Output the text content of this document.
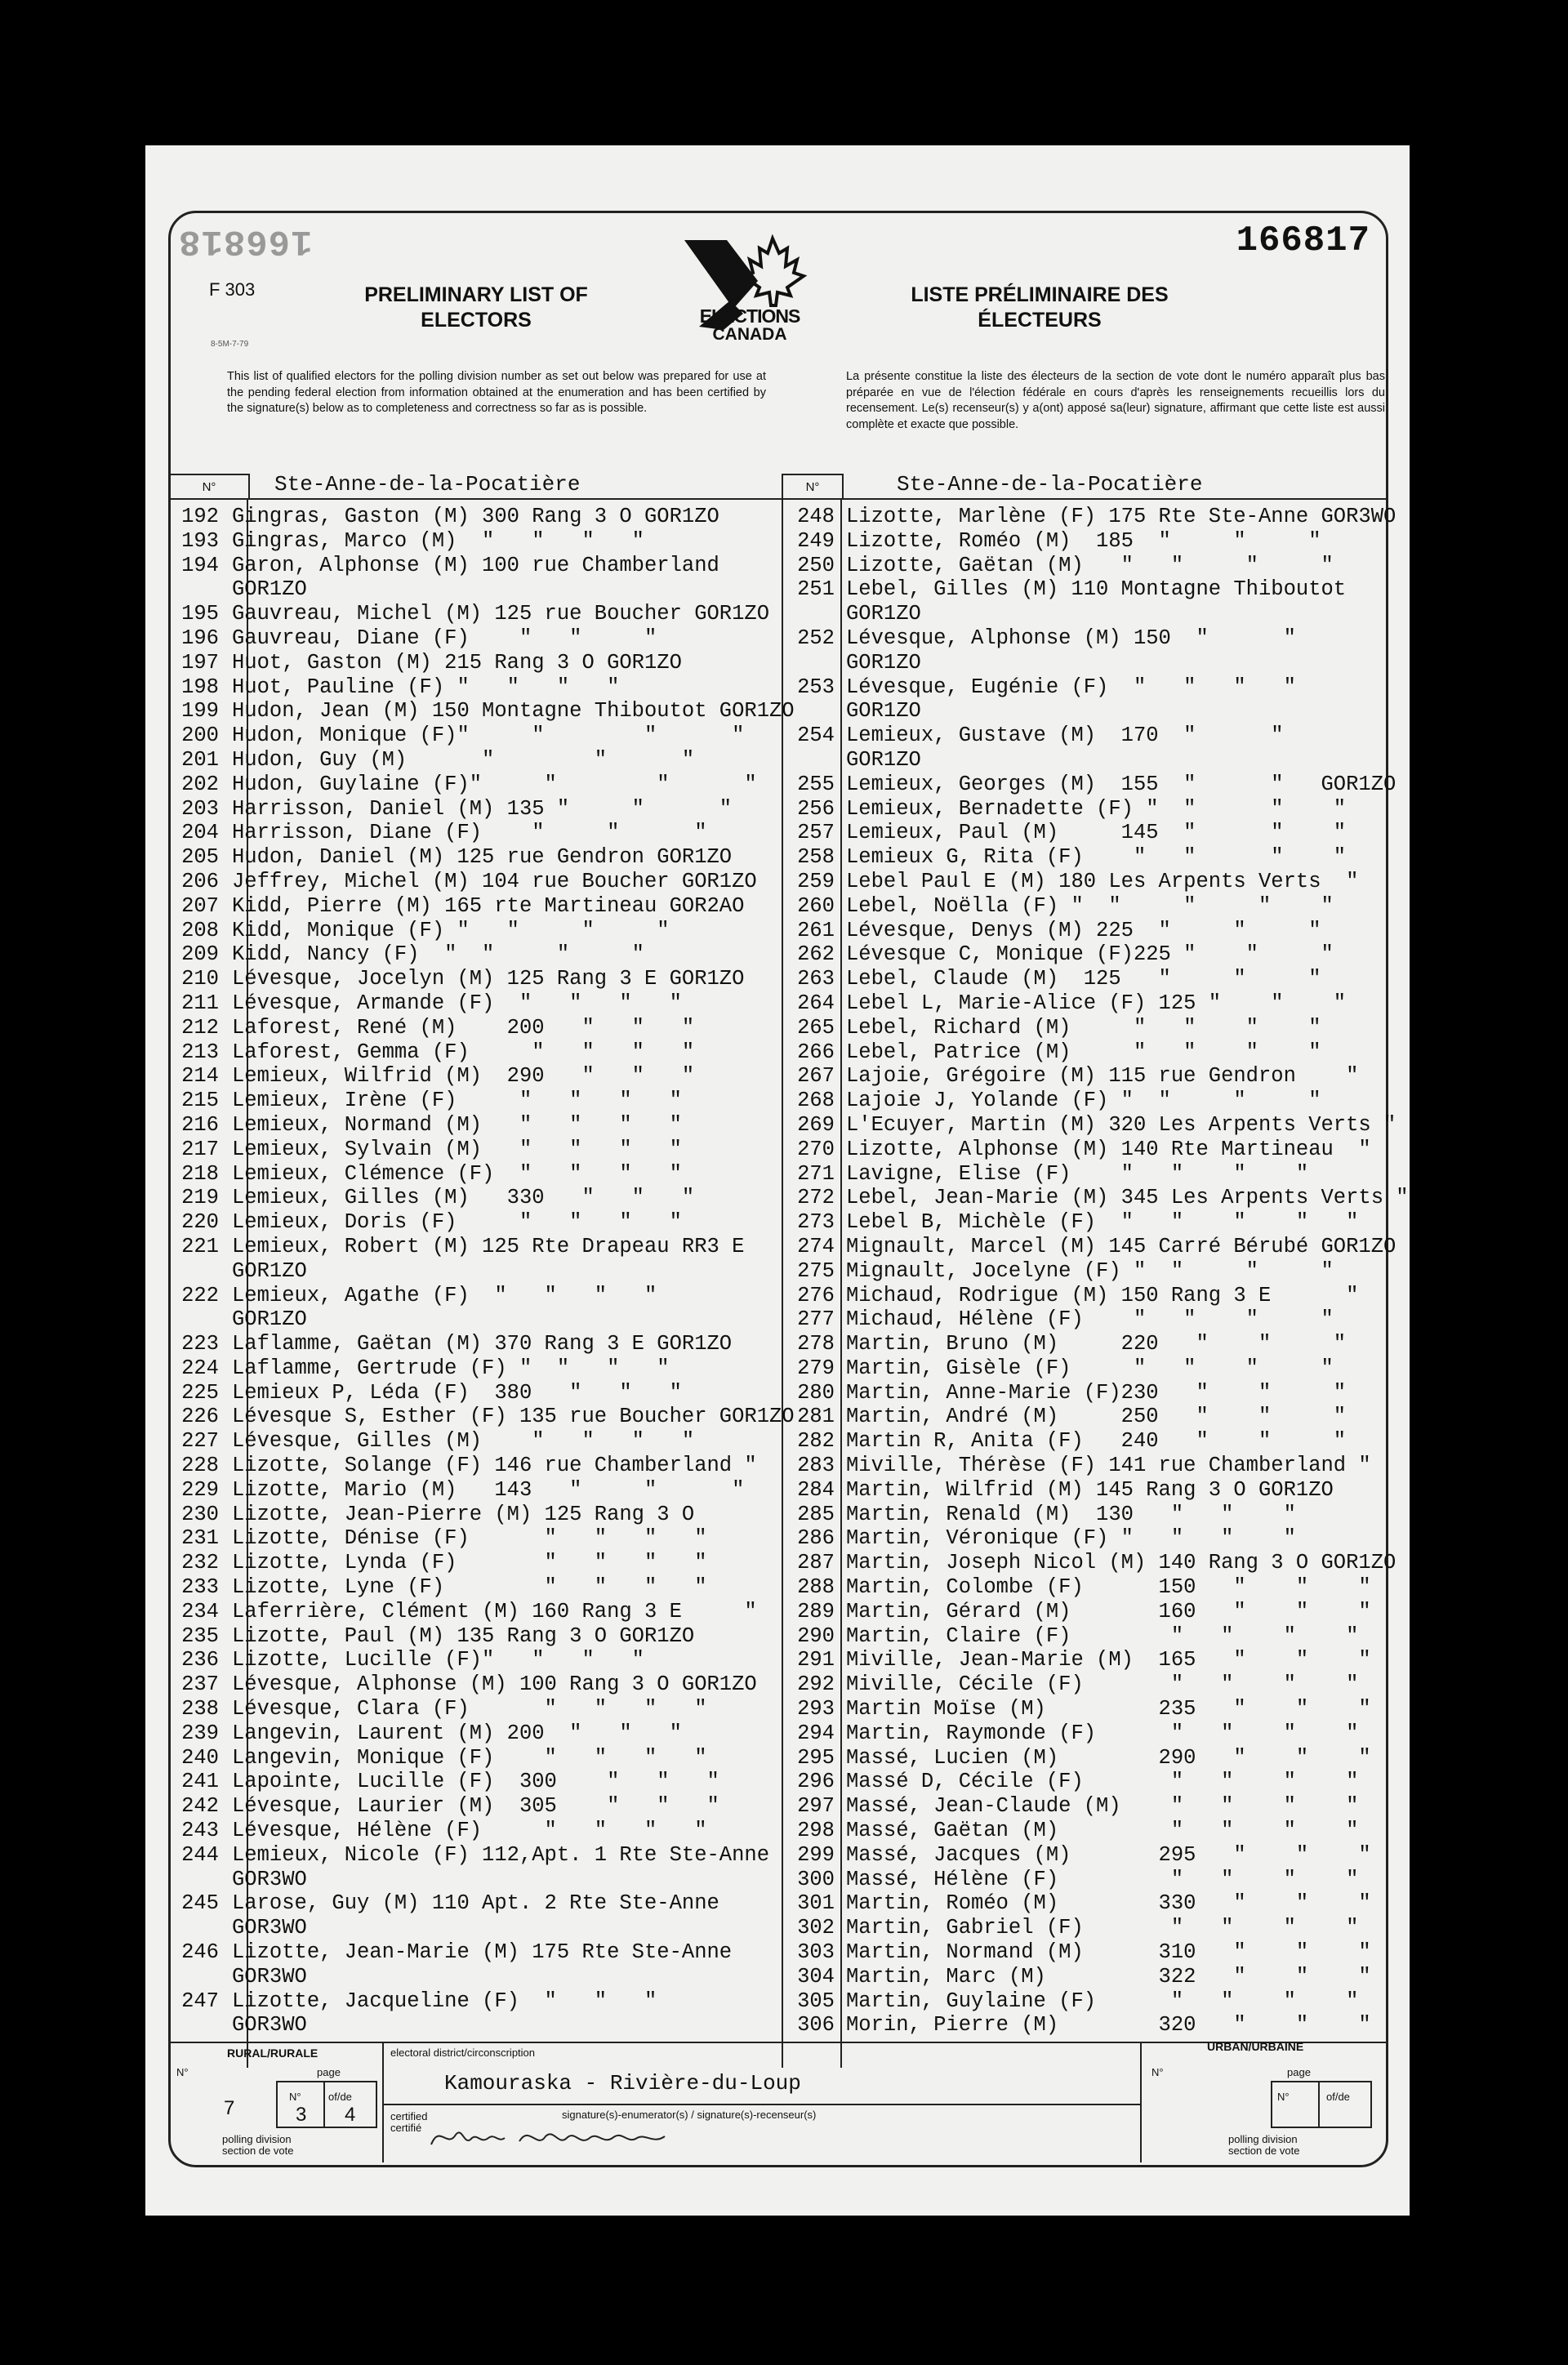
166818	166817
F 303
8-5M-7-79
PRELIMINARY LIST OF
ELECTORS
LISTE PRÉLIMINAIRE DES
ÉLECTEURS
ELECTIONS
CANADA
This list of qualified electors for the polling division number as set out below was prepared for use at the pending federal election from information obtained at the enumeration and has been certified by the signature(s) below as to completeness and correctness so far as is possible.
La présente constitue la liste des électeurs de la section de vote dont le numéro apparaît plus bas préparée en vue de l'élection fédérale en cours d'après les renseignements recueillis lors du recensement. Le(s) recenseur(s) y a(ont) apposé sa(leur) signature, affirmant que cette liste est aussi complète et exacte que possible.
N°	N°
Ste-Anne-de-la-Pocatière	Ste-Anne-de-la-Pocatière
192 Gingras, Gaston (M) 300 Rang 3 O GOR1ZO
193 Gingras, Marco (M)  "   "   "   "
194 Garon, Alphonse (M) 100 rue Chamberland
GOR1ZO
195 Gauvreau, Michel (M) 125 rue Boucher GOR1ZO
196 Gauvreau, Diane (F)    "   "     "
197 Huot, Gaston (M) 215 Rang 3 O GOR1ZO
198 Huot, Pauline (F) "   "   "   "
199 Hudon, Jean (M) 150 Montagne Thiboutot GOR1ZO
200 Hudon, Monique (F)"     "        "      "
201 Hudon, Guy (M)      "        "      "
202 Hudon, Guylaine (F)"     "        "      "
203 Harrisson, Daniel (M) 135 "     "      "
204 Harrisson, Diane (F)    "     "      "
205 Hudon, Daniel (M) 125 rue Gendron GOR1ZO
206 Jeffrey, Michel (M) 104 rue Boucher GOR1ZO
207 Kidd, Pierre (M) 165 rte Martineau GOR2AO
208 Kidd, Monique (F) "   "     "     "
209 Kidd, Nancy (F)  "  "     "     "
210 Lévesque, Jocelyn (M) 125 Rang 3 E GOR1ZO
211 Lévesque, Armande (F)  "   "   "   "
212 Laforest, René (M)    200   "   "   "
213 Laforest, Gemma (F)     "   "   "   "
214 Lemieux, Wilfrid (M)  290   "   "   "
215 Lemieux, Irène (F)     "   "   "   "
216 Lemieux, Normand (M)   "   "   "   "
217 Lemieux, Sylvain (M)   "   "   "   "
218 Lemieux, Clémence (F)  "   "   "   "
219 Lemieux, Gilles (M)   330   "   "   "
220 Lemieux, Doris (F)     "   "   "   "
221 Lemieux, Robert (M) 125 Rte Drapeau RR3 E
GOR1ZO
222 Lemieux, Agathe (F)  "   "   "   "
GOR1ZO
223 Laflamme, Gaëtan (M) 370 Rang 3 E GOR1ZO
224 Laflamme, Gertrude (F) "  "   "   "
225 Lemieux P, Léda (F)  380   "   "   "
226 Lévesque S, Esther (F) 135 rue Boucher GOR1ZO
227 Lévesque, Gilles (M)    "   "   "   "
228 Lizotte, Solange (F) 146 rue Chamberland "
229 Lizotte, Mario (M)   143   "     "      "
230 Lizotte, Jean-Pierre (M) 125 Rang 3 O
231 Lizotte, Dénise (F)      "   "   "   "
232 Lizotte, Lynda (F)       "   "   "   "
233 Lizotte, Lyne (F)        "   "   "   "
234 Laferrière, Clément (M) 160 Rang 3 E     "
235 Lizotte, Paul (M) 135 Rang 3 O GOR1ZO
236 Lizotte, Lucille (F)"   "   "   "
237 Lévesque, Alphonse (M) 100 Rang 3 O GOR1ZO
238 Lévesque, Clara (F)      "   "   "   "
239 Langevin, Laurent (M) 200  "   "   "
240 Langevin, Monique (F)    "   "   "   "
241 Lapointe, Lucille (F)  300    "   "   "
242 Lévesque, Laurier (M)  305    "   "   "
243 Lévesque, Hélène (F)     "   "   "   "
244 Lemieux, Nicole (F) 112,Apt. 1 Rte Ste-Anne
GOR3WO
245 Larose, Guy (M) 110 Apt. 2 Rte Ste-Anne
GOR3WO
246 Lizotte, Jean-Marie (M) 175 Rte Ste-Anne
GOR3WO
247 Lizotte, Jacqueline (F)  "   "   "
GOR3WO
248 Lizotte, Marlène (F) 175 Rte Ste-Anne GOR3WO
249 Lizotte, Roméo (M)  185  "     "     "
250 Lizotte, Gaëtan (M)   "   "     "     "
251 Lebel, Gilles (M) 110 Montagne Thiboutot
GOR1ZO
252 Lévesque, Alphonse (M) 150  "      "
GOR1ZO
253 Lévesque, Eugénie (F)  "   "   "   "
GOR1ZO
254 Lemieux, Gustave (M)  170  "      "
GOR1ZO
255 Lemieux, Georges (M)  155  "      "   GOR1ZO
256 Lemieux, Bernadette (F) "  "      "    "
257 Lemieux, Paul (M)     145  "      "    "
258 Lemieux G, Rita (F)    "   "      "    "
259 Lebel Paul E (M) 180 Les Arpents Verts  "
260 Lebel, Noëlla (F) "  "     "     "    "
261 Lévesque, Denys (M) 225  "     "     "
262 Lévesque C, Monique (F)225 "    "     "
263 Lebel, Claude (M)  125   "     "     "
264 Lebel L, Marie-Alice (F) 125 "    "    "
265 Lebel, Richard (M)     "   "    "    "
266 Lebel, Patrice (M)     "   "    "    "
267 Lajoie, Grégoire (M) 115 rue Gendron    "
268 Lajoie J, Yolande (F) "  "     "     "
269 L'Ecuyer, Martin (M) 320 Les Arpents Verts "
270 Lizotte, Alphonse (M) 140 Rte Martineau  "
271 Lavigne, Elise (F)    "   "    "    "
272 Lebel, Jean-Marie (M) 345 Les Arpents Verts "
273 Lebel B, Michèle (F)  "   "    "    "   "
274 Mignault, Marcel (M) 145 Carré Bérubé GOR1ZO
275 Mignault, Jocelyne (F) "  "     "     "
276 Michaud, Rodrigue (M) 150 Rang 3 E      "
277 Michaud, Hélène (F)    "   "    "     "
278 Martin, Bruno (M)     220   "    "     "
279 Martin, Gisèle (F)     "   "    "     "
280 Martin, Anne-Marie (F)230   "    "     "
281 Martin, André (M)     250   "    "     "
282 Martin R, Anita (F)   240   "    "     "
283 Miville, Thérèse (F) 141 rue Chamberland "
284 Martin, Wilfrid (M) 145 Rang 3 O GOR1ZO
285 Martin, Renald (M)  130   "   "    "
286 Martin, Véronique (F) "   "   "    "
287 Martin, Joseph Nicol (M) 140 Rang 3 O GOR1ZO
288 Martin, Colombe (F)      150   "    "    "
289 Martin, Gérard (M)       160   "    "    "
290 Martin, Claire (F)        "   "    "    "
291 Miville, Jean-Marie (M)  165   "    "    "
292 Miville, Cécile (F)       "   "    "    "
293 Martin Moïse (M)         235   "    "    "
294 Martin, Raymonde (F)      "   "    "    "
295 Massé, Lucien (M)        290   "    "    "
296 Massé D, Cécile (F)       "   "    "    "
297 Massé, Jean-Claude (M)    "   "    "    "
298 Massé, Gaëtan (M)         "   "    "    "
299 Massé, Jacques (M)       295   "    "    "
300 Massé, Hélène (F)         "   "    "    "
301 Martin, Roméo (M)        330   "    "    "
302 Martin, Gabriel (F)       "   "    "    "
303 Martin, Normand (M)      310   "    "    "
304 Martin, Marc (M)         322   "    "    "
305 Martin, Guylaine (F)      "   "    "    "
306 Morin, Pierre (M)        320   "    "    "
RURAL/RURALE	URBAN/URBAINE
electoral district/circonscription
N°	page
N°	of/de
7	3 4
polling division
section de vote
Kamouraska - Rivière-du-Loup
certified
certifié
signature(s)-enumerator(s) / signature(s)-recenseur(s)
N°	page
N°	of/de
polling division
section de vote
